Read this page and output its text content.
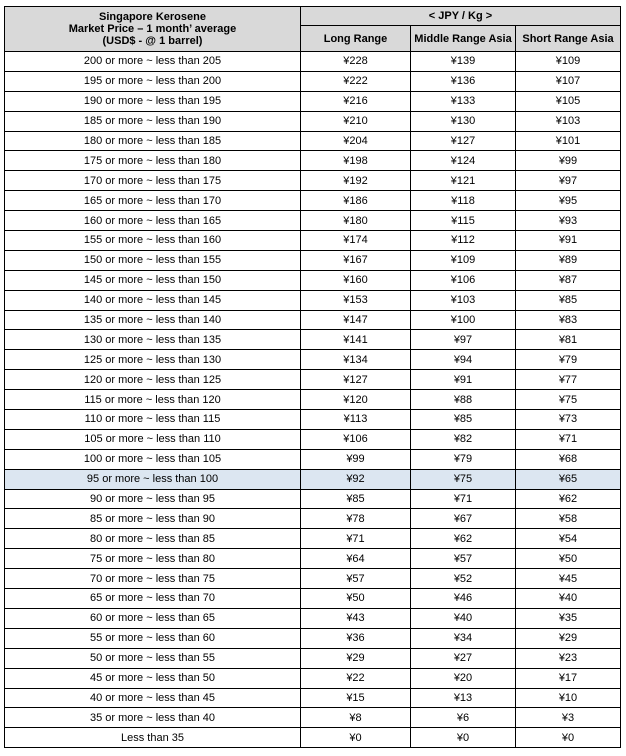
Singapore Kerosene
Market Price – 1 month’ average
(USD$ - @ 1 barrel)	< JPY / Kg >		
	Long Range	Middle Range Asia	Short Range Asia
200 or more ~ less than 205	¥228	¥139	¥109
195 or more ~ less than 200	¥222	¥136	¥107
190 or more ~ less than 195	¥216	¥133	¥105
185 or more ~ less than 190	¥210	¥130	¥103
180 or more ~ less than 185	¥204	¥127	¥101
175 or more ~ less than 180	¥198	¥124	¥99
170 or more ~ less than 175	¥192	¥121	¥97
165 or more ~ less than 170	¥186	¥118	¥95
160 or more ~ less than 165	¥180	¥115	¥93
155 or more ~ less than 160	¥174	¥112	¥91
150 or more ~ less than 155	¥167	¥109	¥89
145 or more ~ less than 150	¥160	¥106	¥87
140 or more ~ less than 145	¥153	¥103	¥85
135 or more ~ less than 140	¥147	¥100	¥83
130 or more ~ less than 135	¥141	¥97	¥81
125 or more ~ less than 130	¥134	¥94	¥79
120 or more ~ less than 125	¥127	¥91	¥77
115 or more ~ less than 120	¥120	¥88	¥75
110 or more ~ less than 115	¥113	¥85	¥73
105 or more ~ less than 110	¥106	¥82	¥71
100 or more ~ less than 105	¥99	¥79	¥68
95 or more ~ less than 100	¥92	¥75	¥65
90 or more ~ less than 95	¥85	¥71	¥62
85 or more ~ less than 90	¥78	¥67	¥58
80 or more ~ less than 85	¥71	¥62	¥54
75 or more ~ less than 80	¥64	¥57	¥50
70 or more ~ less than 75	¥57	¥52	¥45
65 or more ~ less than 70	¥50	¥46	¥40
60 or more ~ less than 65	¥43	¥40	¥35
55 or more ~ less than 60	¥36	¥34	¥29
50 or more ~ less than 55	¥29	¥27	¥23
45 or more ~ less than 50	¥22	¥20	¥17
40 or more ~ less than 45	¥15	¥13	¥10
35 or more ~ less than 40	¥8	¥6	¥3
Less than 35	¥0	¥0	¥0
